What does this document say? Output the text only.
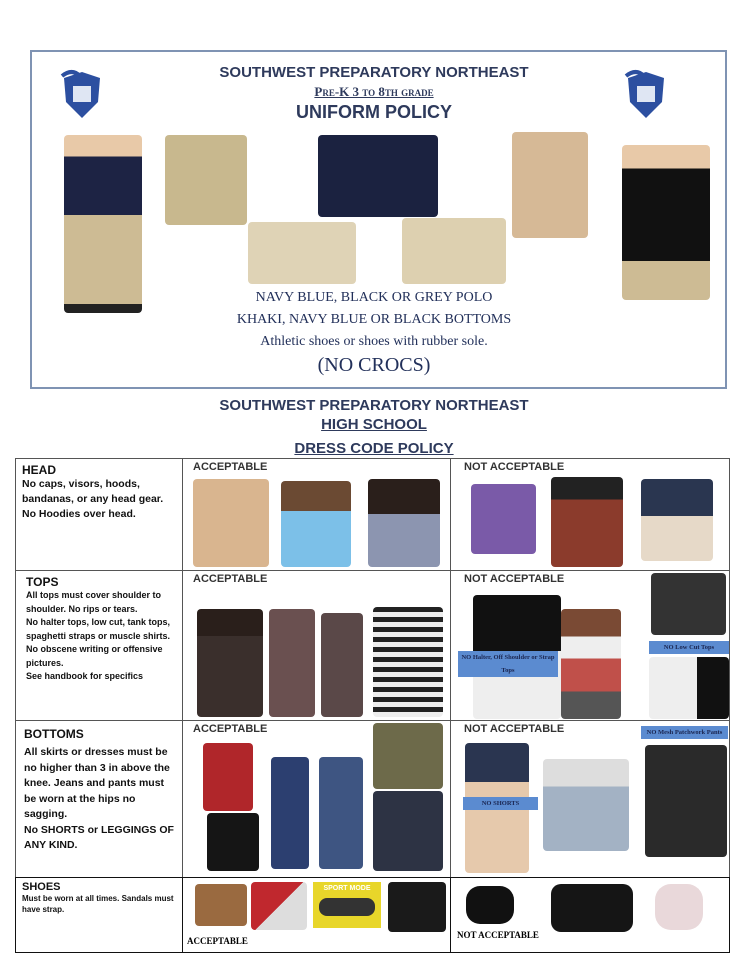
SOUTHWEST PREPARATORY NORTHEAST
Pre-K 3 to 8th grade
UNIFORM POLICY
NAVY BLUE, BLACK OR GREY POLO
KHAKI, NAVY BLUE OR BLACK BOTTOMS
Athletic shoes or shoes with rubber sole.
(NO CROCS)
SOUTHWEST PREPARATORY NORTHEAST
HIGH SCHOOL
DRESS CODE POLICY
HEAD
No caps, visors, hoods, bandanas, or any head gear. No Hoodies over head.
ACCEPTABLE	NOT ACCEPTABLE
TOPS
All tops must cover shoulder to shoulder. No rips or tears.
No halter tops, low cut, tank tops, spaghetti straps or muscle shirts.
No obscene writing or offensive pictures.
See handbook for specifics
ACCEPTABLE	NOT ACCEPTABLE
NO Halter, Off Shoulder or Strap Tops
NO Low Cut Tops
BOTTOMS
All skirts or dresses must be no higher than 3 in above the knee. Jeans and pants must be worn at the hips no sagging.
No SHORTS or LEGGINGS OF ANY KIND.
ACCEPTABLE	NOT ACCEPTABLE
NO SHORTS
NO Mesh Patchwork Pants
SHOES
Must be worn at all times. Sandals must have strap.
SPORT MODE
ACCEPTABLE
NOT ACCEPTABLE
